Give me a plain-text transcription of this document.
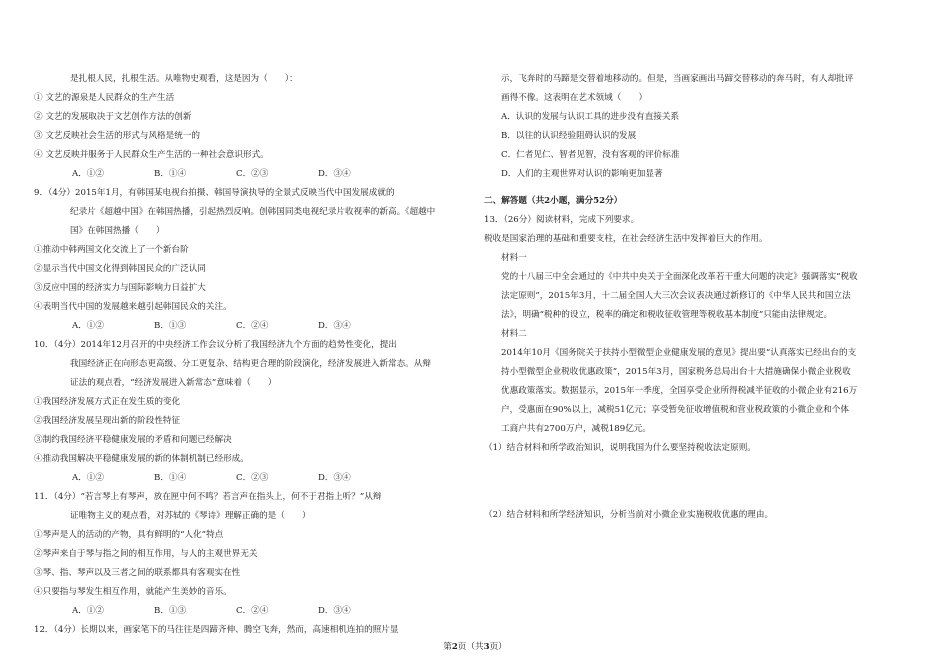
是扎根人民，扎根生活。从唯物史观看，这是因为（　　）：
① 文艺的源泉是人民群众的生产生活
② 文艺的发展取决于文艺创作方法的创新
③ 文艺反映社会生活的形式与风格是统一的
④ 文艺反映并服务于人民群众生产生活的一种社会意识形式。
A．①②	B．①④	C．②③	D．③④
9．（4分）2015年1月，有韩国某电视台拍摄、韩国导演执导的全景式反映当代中国发展成就的
纪录片《超越中国》在韩国热播，引起热烈反响。创韩国同类电视纪录片收视率的新高。《超越中
国》在韩国热播（　　）
①推动中韩两国文化交流上了一个新台阶
②显示当代中国文化得到韩国民众的广泛认同
③反应中国的经济实力与国际影响力日益扩大
④表明当代中国的发展越来越引起韩国民众的关注。
A．①②	B．①③	C．②④	D．③④
10．（4分）2014年12月召开的中央经济工作会议分析了我国经济九个方面的趋势性变化，提出
我国经济正在向形态更高级、分工更复杂、结构更合理的阶段演化，经济发展进入新常态。从辩
证法的观点看，“经济发展进入新常态”意味着（　　）
①我国经济发展方式正在发生质的变化
②我国经济发展呈现出新的阶段性特征
③制约我国经济平稳健康发展的矛盾和问题已经解决
④推动我国解决平稳健康发展的新的体制机制已经形成。
A．①②	B．①④	C．②③	D．③④
11．（4分）“若言琴上有琴声，放在匣中何不鸣？若言声在指头上，何不于君指上听？”从辩
证唯物主义的观点看，对苏轼的《琴诗》理解正确的是（　　）
①琴声是人的活动的产物，具有鲜明的“人化”特点
②琴声来自于琴与指之间的相互作用，与人的主观世界无关
③琴、指、琴声以及三者之间的联系都具有客观实在性
④只要指与琴发生相互作用，就能产生美妙的音乐。
A．①②	B．①③	C．②④	D．③④
12．（4分）长期以来，画家笔下的马往往是四蹄齐伸、腾空飞奔，然而，高速相机连拍的照片显
示，飞奔时的马蹄是交替着地移动的。但是，当画家画出马蹄交替移动的奔马时，有人却批评
画得不像。这表明在艺术领域（　　）
A．认识的发展与认识工具的进步没有直接关系
B．以往的认识经验阻碍认识的发展
C．仁者见仁、智者见智，没有客观的评价标准
D．人们的主观世界对认识的影响更加显著
二、解答题（共2小题，满分52分）
13．（26分）阅读材料，完成下列要求。
税收是国家治理的基础和重要支柱，在社会经济生活中发挥着巨大的作用。
材料一
党的十八届三中全会通过的《中共中央关于全面深化改革若干重大问题的决定》强调落实“税收
法定原则”，2015年3月，十二届全国人大三次会议表决通过新修订的《中华人民共和国立法
法》，明确“税种的设立，税率的确定和税收征收管理等税收基本制度”只能由法律规定。
材料二
2014年10月《国务院关于扶持小型微型企业健康发展的意见》提出要“认真落实已经出台的支
持小型微型企业税收优惠政策”，2015年3月，国家税务总局出台十大措施确保小微企业税收
优惠政策落实。数据显示，2015年一季度，全国享受企业所得税减半征收的小微企业有216万
户，受惠面在90%以上，减税51亿元；享受暂免征收增值税和营业税政策的小微企业和个体
工商户共有2700万户，减税189亿元。
（1）结合材料和所学政治知识，说明我国为什么要坚持税收法定原则。
（2）结合材料和所学经济知识，分析当前对小微企业实施税收优惠的理由。
第2页（共3页）
